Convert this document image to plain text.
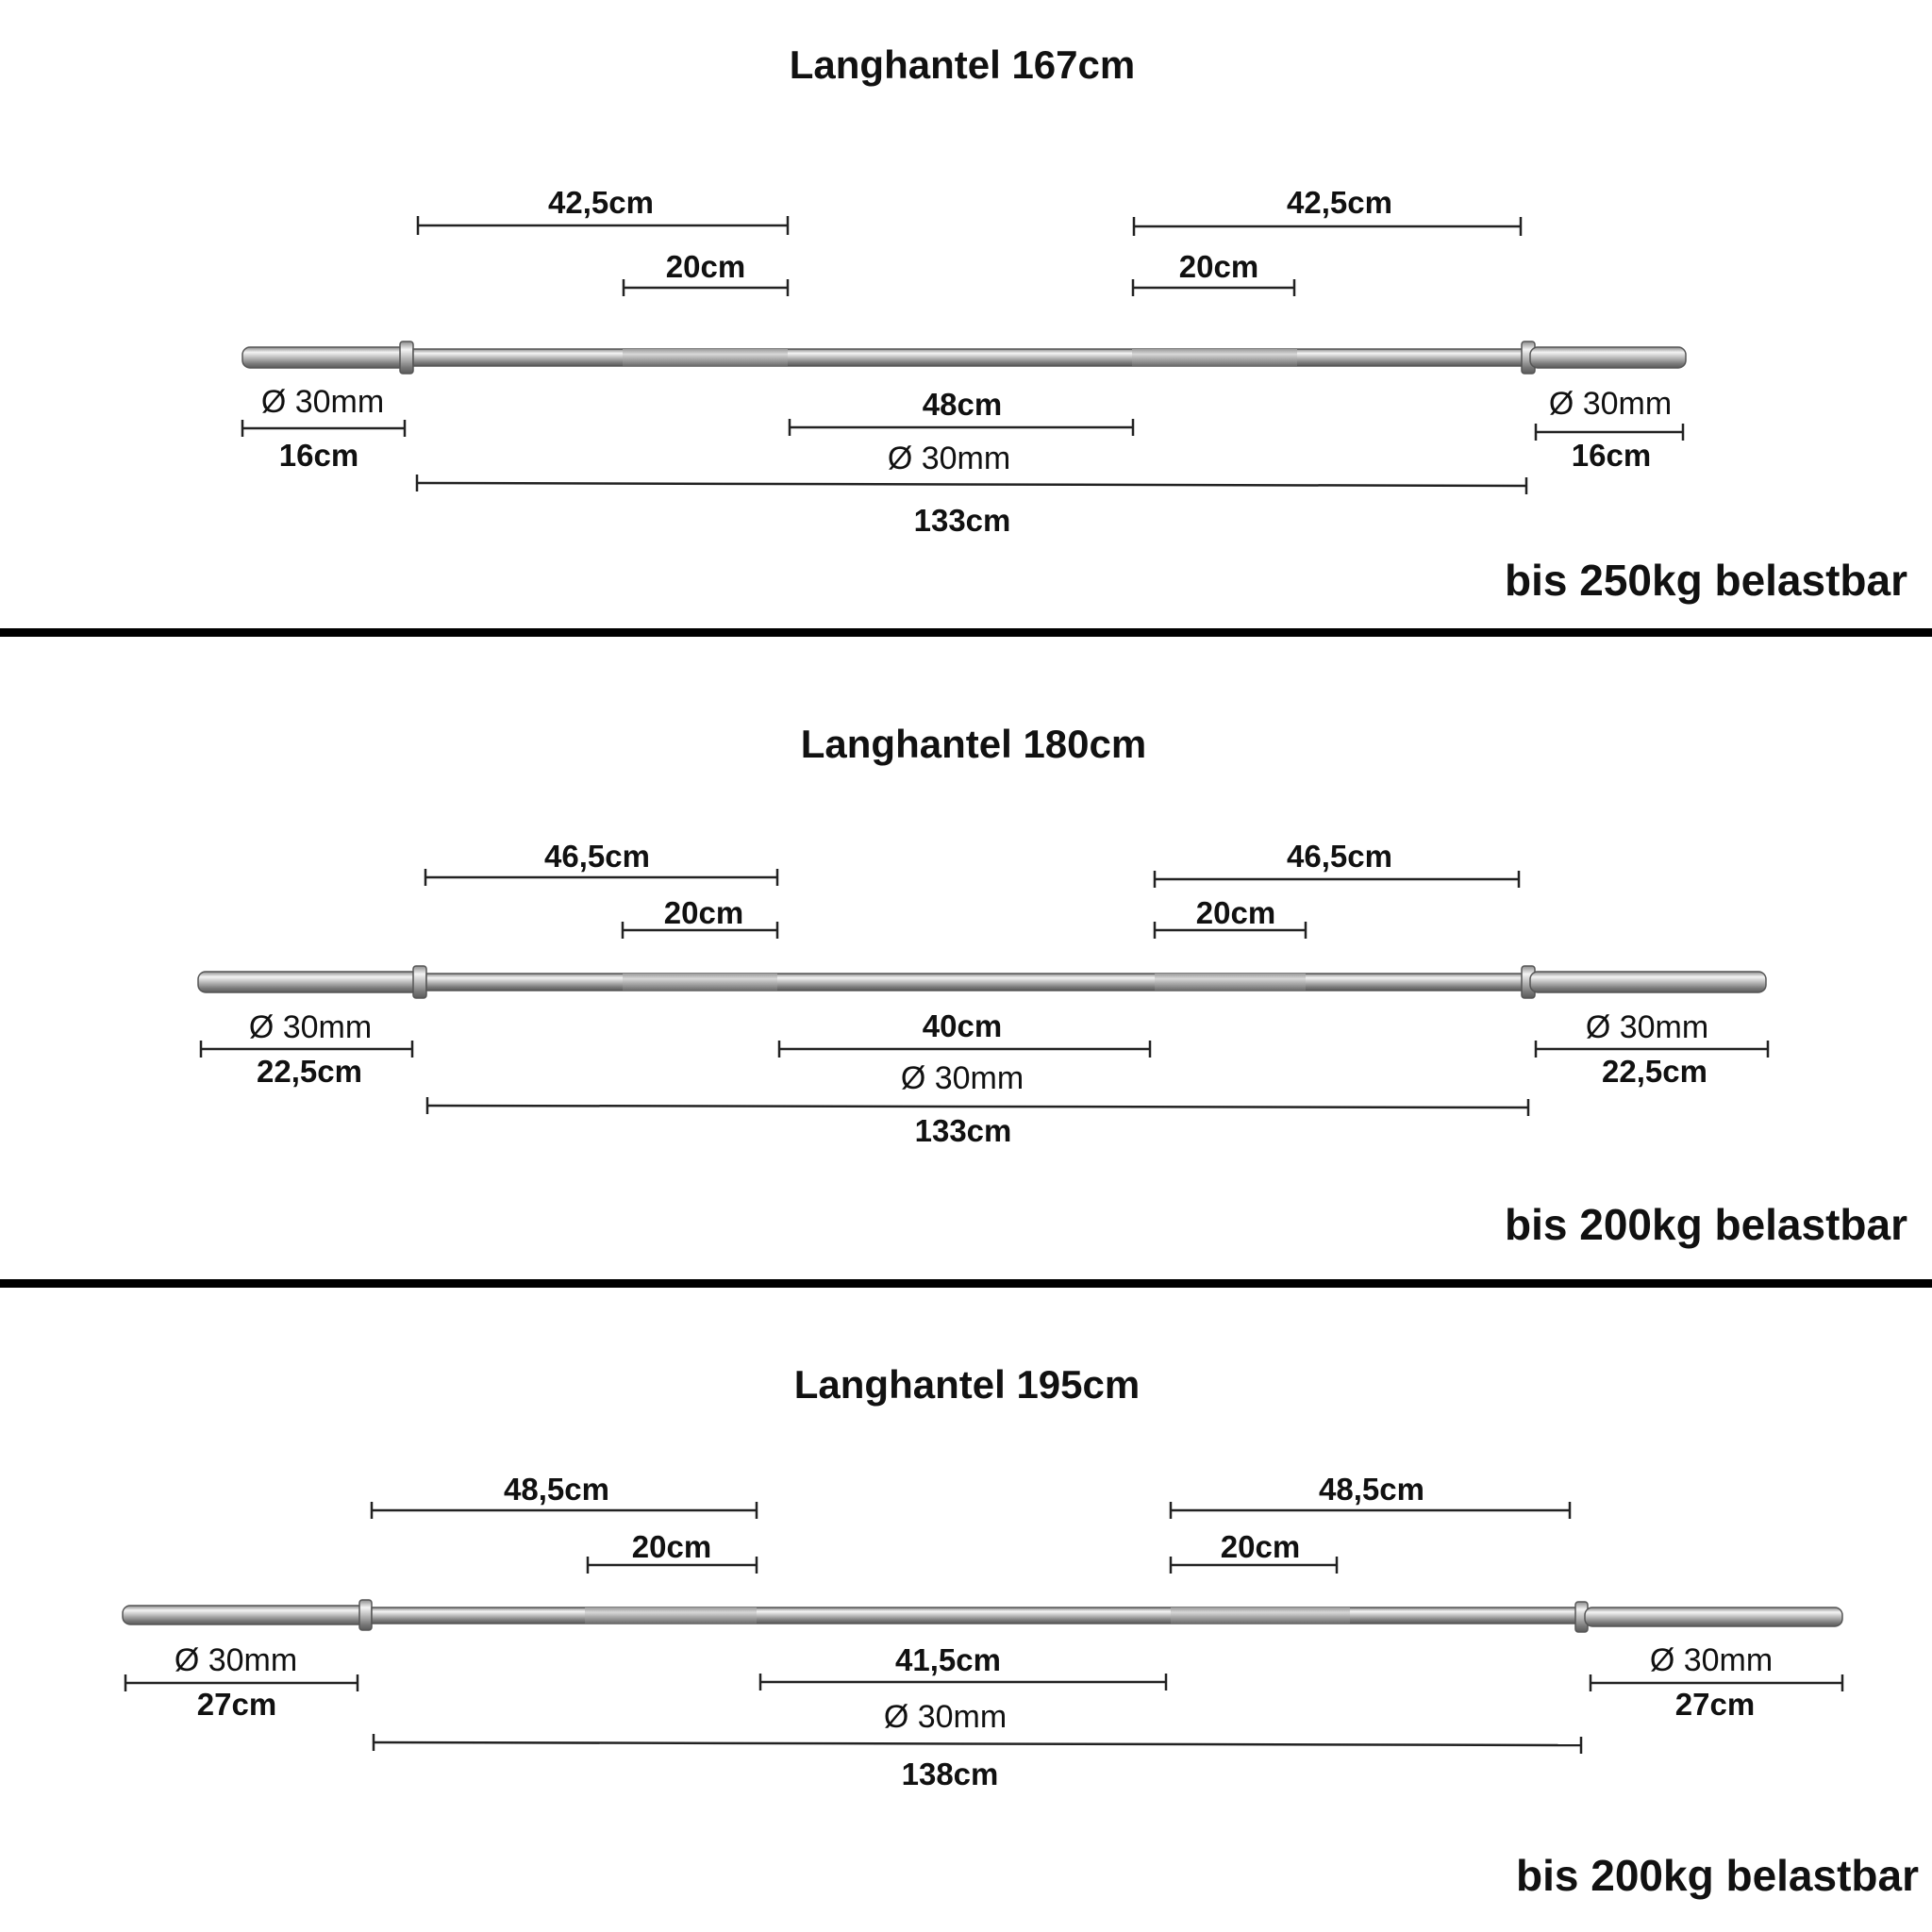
Langhantel 167cm
42,5cm	42,5cm
20cm	20cm
Ø 30mm
16cm
Ø 30mm
16cm
48cm
Ø 30mm
133cm
bis 250kg belastbar
Langhantel 180cm
46,5cm	46,5cm
20cm	20cm
Ø 30mm
22,5cm
Ø 30mm
22,5cm
40cm
Ø 30mm
133cm
bis 200kg belastbar
Langhantel 195cm
48,5cm	48,5cm
20cm	20cm
Ø 30mm
27cm
Ø 30mm
27cm
41,5cm
Ø 30mm
138cm
bis 200kg belastbar
